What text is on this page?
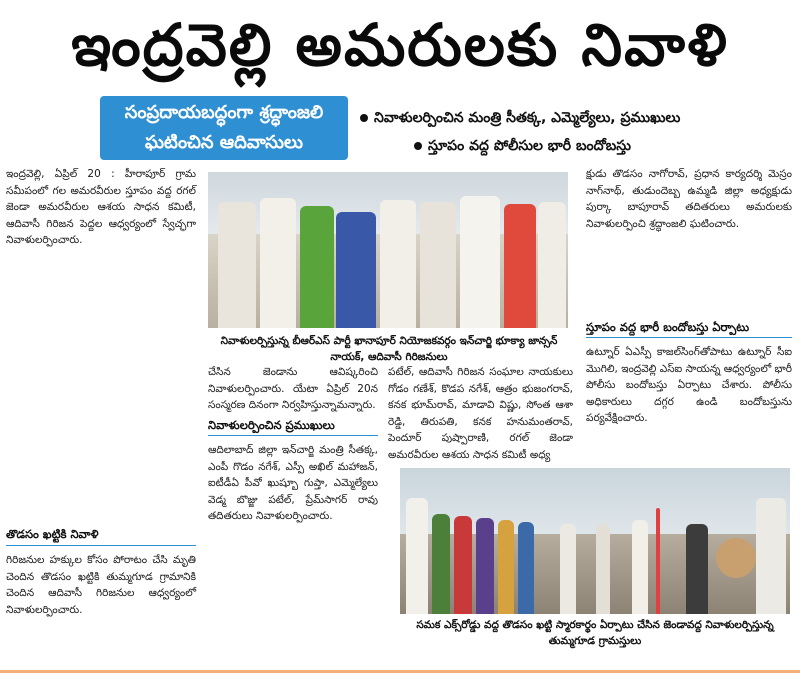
ఇంద్రవెల్లి అమరులకు నివాళి
సంప్రదాయబద్ధంగా శ్రద్ధాంజలి ఘటించిన ఆదివాసులు
నివాళులర్పించిన మంత్రి సీతక్క, ఎమ్మెల్యేలు, ప్రముఖులు
స్తూపం వద్ద పోలీసుల భారీ బందోబస్తు
ఇంద్రవెల్లి, ఏప్రిల్ 20 : హీరాపూర్ గ్రామ సమీపంలో గల అమరవీరుల స్తూపం వద్ద రగల్ జెండా అమరవీరుల ఆశయ సాధన కమిటీ, ఆదివాసీ గిరిజన పెద్దల ఆధ్వర్యంలో స్వేచ్ఛగా నివాళులర్పించారు.
తొడసం ఖట్టికి నివాళి
గిరిజనుల హక్కుల కోసం పోరాటం చేసి మృతి చెందిన తొడసం ఖట్టికి తుమ్మగూడ గ్రామానికి చెందిన ఆదివాసీ గిరిజనుల ఆధ్వర్యంలో నివాళులర్పించారు.
నివాళులర్పిస్తున్న బీఆర్ఎస్ పార్టీ ఖానాపూర్ నియోజకవర్గం ఇన్‌చార్జి భూక్యా జాన్సన్ నాయక్, ఆదివాసీ గిరిజనులు
చేసిన జెండాను ఆవిష్కరించి నివాళులర్పించారు. యేటా ఏప్రిల్ 20న సంస్మరణ దినంగా నిర్వహిస్తున్నామన్నారు.
నివాళులర్పించిన ప్రముఖులు
ఆదిలాబాద్ జిల్లా ఇన్‌చార్జి మంత్రి సీతక్క, ఎంపీ గొడం నగేశ్, ఎస్పీ అఖిల్ మహాజన్, ఐటీడీఏ పీవో ఖుష్బూ గుప్తా, ఎమ్మెల్యేలు వెడ్మ బొజ్జు పటేల్, ప్రేమ్‌సాగర్ రావు తదితరులు నివాళులర్పించారు.
పటేల్, ఆదివాసీ గిరిజన సంఘాల నాయకులు గోడం గణేశ్, కొడప నగేశ్, ఆత్రం భుజంగరావ్, కనక భూమ్‌రావ్, మాడావి విష్ణు, సోంత ఆశా రెడ్డి, తిరుపతి, కనక హనుమంతరావ్, పెందూర్ పుష్పారాణి, రగల్ జెండా అమరవీరుల ఆశయ సాధన కమిటీ అధ్య
క్షుడు తొడసం నాగోరావ్, ప్రధాన కార్యదర్శి మెస్రం నాగ్‌నాథ్, తుడుందెబ్బ ఉమ్మడి జిల్లా అధ్యక్షుడు పుర్కా బాపూరావ్ తదితరులు అమరులకు నివాళులర్పించి శ్రద్ధాంజలి ఘటించారు.
స్తూపం వద్ద భారీ బందోబస్తు ఏర్పాటు
ఉట్నూర్ ఏఎస్పీ కాజల్‌సింగ్‌తోపాటు ఉట్నూర్ సీఐ మొగిలి, ఇంద్రవెల్లి ఎస్ఐ సాయన్న ఆధ్వర్యంలో భారీ పోలీసు బందోబస్తు ఏర్పాటు చేశారు. పోలీసు అధికారులు దగ్గర ఉండి బందోబస్తును పర్యవేక్షించారు.
సమక ఎక్స్‌రోడ్డు వద్ద తొడసం ఖట్టి స్మారకార్థం ఏర్పాటు చేసిన జెండావద్ద నివాళులర్పిస్తున్న తుమ్మగూడ గ్రామస్తులు
